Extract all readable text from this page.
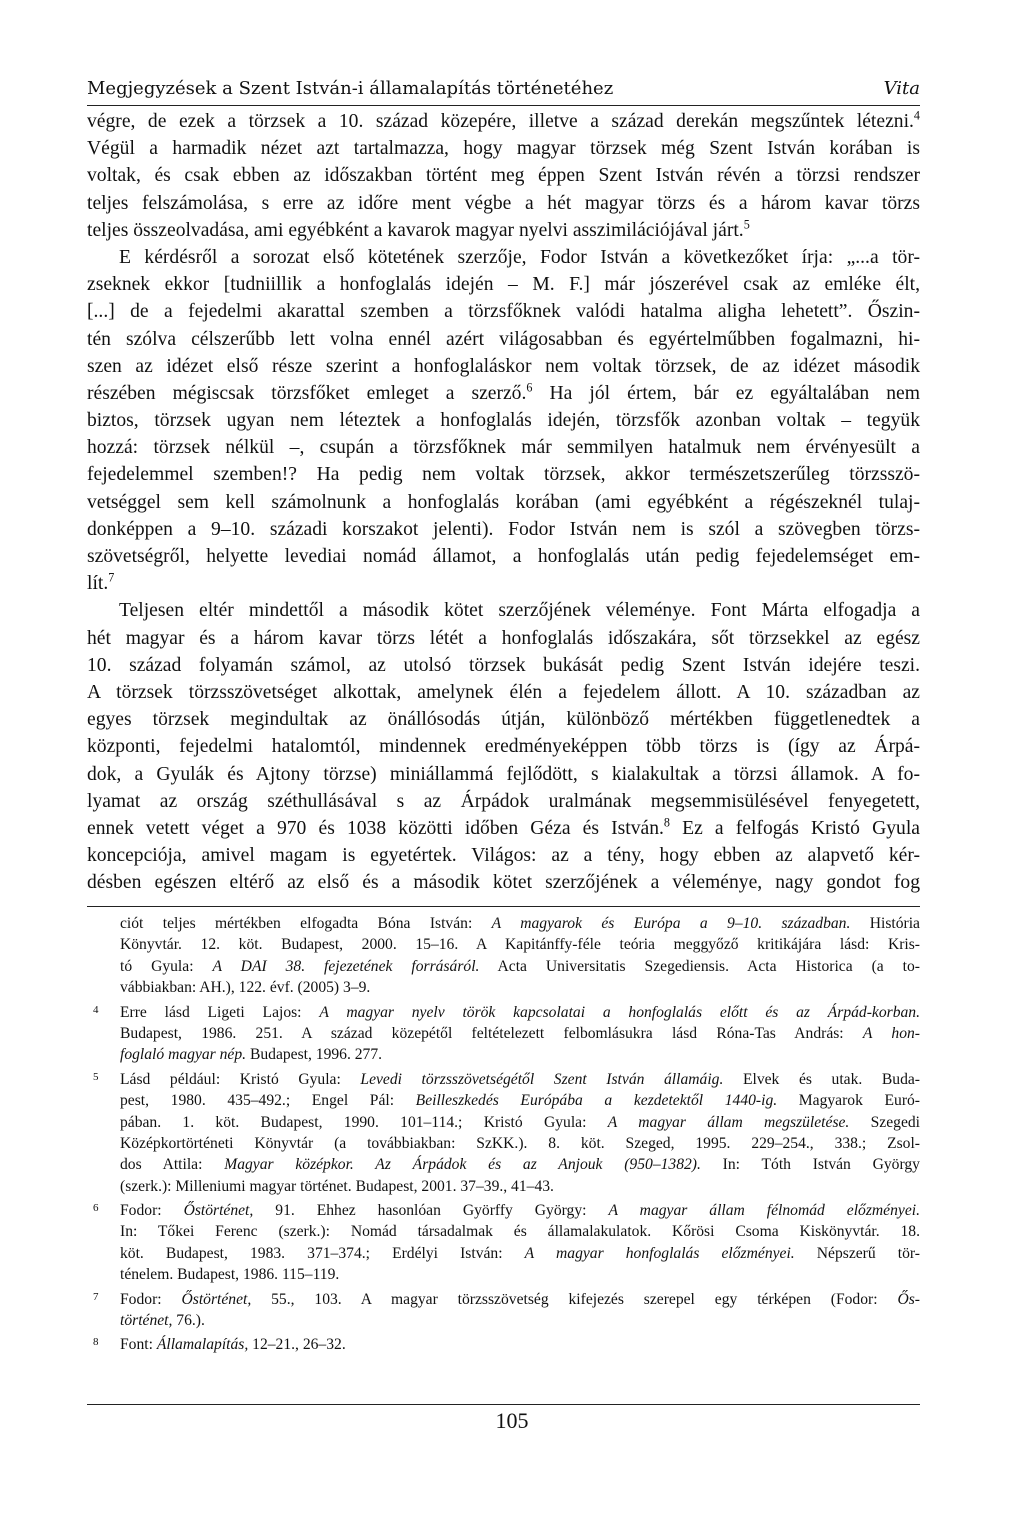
Megjegyzések a Szent István-i államalapítás történetéhez	Vita
végre, de ezek a törzsek a 10. század közepére, illetve a század derekán megszűntek létezni.$^4$
Végül a harmadik nézet azt tartalmazza, hogy magyar törzsek még Szent István korában is
voltak, és csak ebben az időszakban történt meg éppen Szent István révén a törzsi rendszer
teljes felszámolása, s erre az időre ment végbe a hét magyar törzs és a három kavar törzs
teljes összeolvadása, ami egyébként a kavarok magyar nyelvi asszimilációjával járt.$^5$
E kérdésről a sorozat első kötetének szerzője, Fodor István a következőket írja: „...a tör-
zseknek ekkor [tudniillik a honfoglalás idején – M. F.] már jószerével csak az emléke élt,
[...] de a fejedelmi akarattal szemben a törzsfőknek valódi hatalma aligha lehetett”. Őszin-
tén szólva célszerűbb lett volna ennél azért világosabban és egyértelműbben fogalmazni, hi-
szen az idézet első része szerint a honfoglaláskor nem voltak törzsek, de az idézet második
részében mégiscsak törzsfőket emleget a szerző.$^6$ Ha jól értem, bár ez egyáltalában nem
biztos, törzsek ugyan nem léteztek a honfoglalás idején, törzsfők azonban voltak – tegyük
hozzá: törzsek nélkül –, csupán a törzsfőknek már semmilyen hatalmuk nem érvényesült a
fejedelemmel szemben!? Ha pedig nem voltak törzsek, akkor természetszerűleg törzsszö-
vetséggel sem kell számolnunk a honfoglalás korában (ami egyébként a régészeknél tulaj-
donképpen a 9–10. századi korszakot jelenti). Fodor István nem is szól a szövegben törzs-
szövetségről, helyette levediai nomád államot, a honfoglalás után pedig fejedelemséget em-
lít.$^7$
Teljesen eltér mindettől a második kötet szerzőjének véleménye. Font Márta elfogadja a
hét magyar és a három kavar törzs létét a honfoglalás időszakára, sőt törzsekkel az egész
10. század folyamán számol, az utolsó törzsek bukását pedig Szent István idejére teszi.
A törzsek törzsszövetséget alkottak, amelynek élén a fejedelem állott. A 10. században az
egyes törzsek megindultak az önállósodás útján, különböző mértékben függetlenedtek a
központi, fejedelmi hatalomtól, mindennek eredményeképpen több törzs is (így az Árpá-
dok, a Gyulák és Ajtony törzse) miniállammá fejlődött, s kialakultak a törzsi államok. A fo-
lyamat az ország széthullásával s az Árpádok uralmának megsemmisülésével fenyegetett,
ennek vetett véget a 970 és 1038 közötti időben Géza és István.$^8$ Ez a felfogás Kristó Gyula
koncepciója, amivel magam is egyetértek. Világos: az a tény, hogy ebben az alapvető kér-
désben egészen eltérő az első és a második kötet szerzőjének a véleménye, nagy gondot fog
ciót teljes mértékben elfogadta Bóna István: A magyarok és Európa a 9–10. században. História
Könyvtár. 12. köt. Budapest, 2000. 15–16. A Kapitánffy-féle teória meggyőző kritikájára lásd: Kris-
tó Gyula: A DAI 38. fejezetének forrásáról. Acta Universitatis Szegediensis. Acta Historica (a to-
vábbiakban: AH.), 122. évf. (2005) 3–9.
4 Erre lásd Ligeti Lajos: A magyar nyelv török kapcsolatai a honfoglalás előtt és az Árpád-korban.
Budapest, 1986. 251. A század közepétől feltételezett felbomlásukra lásd Róna-Tas András: A hon-
foglaló magyar nép. Budapest, 1996. 277.
5 Lásd például: Kristó Gyula: Levedi törzsszövetségétől Szent István államáig. Elvek és utak. Buda-
pest, 1980. 435–492.; Engel Pál: Beilleszkedés Európába a kezdetektől 1440-ig. Magyarok Euró-
pában. 1. köt. Budapest, 1990. 101–114.; Kristó Gyula: A magyar állam megszületése. Szegedi
Középkortörténeti Könyvtár (a továbbiakban: SzKK.). 8. köt. Szeged, 1995. 229–254., 338.; Zsol-
dos Attila: Magyar középkor. Az Árpádok és az Anjouk (950–1382). In: Tóth István György
(szerk.): Milleniumi magyar történet. Budapest, 2001. 37–39., 41–43.
6 Fodor: Őstörténet, 91. Ehhez hasonlóan Györffy György: A magyar állam félnomád előzményei.
In: Tőkei Ferenc (szerk.): Nomád társadalmak és államalakulatok. Kőrösi Csoma Kiskönyvtár. 18.
köt. Budapest, 1983. 371–374.; Erdélyi István: A magyar honfoglalás előzményei. Népszerű tör-
ténelem. Budapest, 1986. 115–119.
7 Fodor: Őstörténet, 55., 103. A magyar törzsszövetség kifejezés szerepel egy térképen (Fodor: Ős-
történet, 76.).
8 Font: Államalapítás, 12–21., 26–32.
105
